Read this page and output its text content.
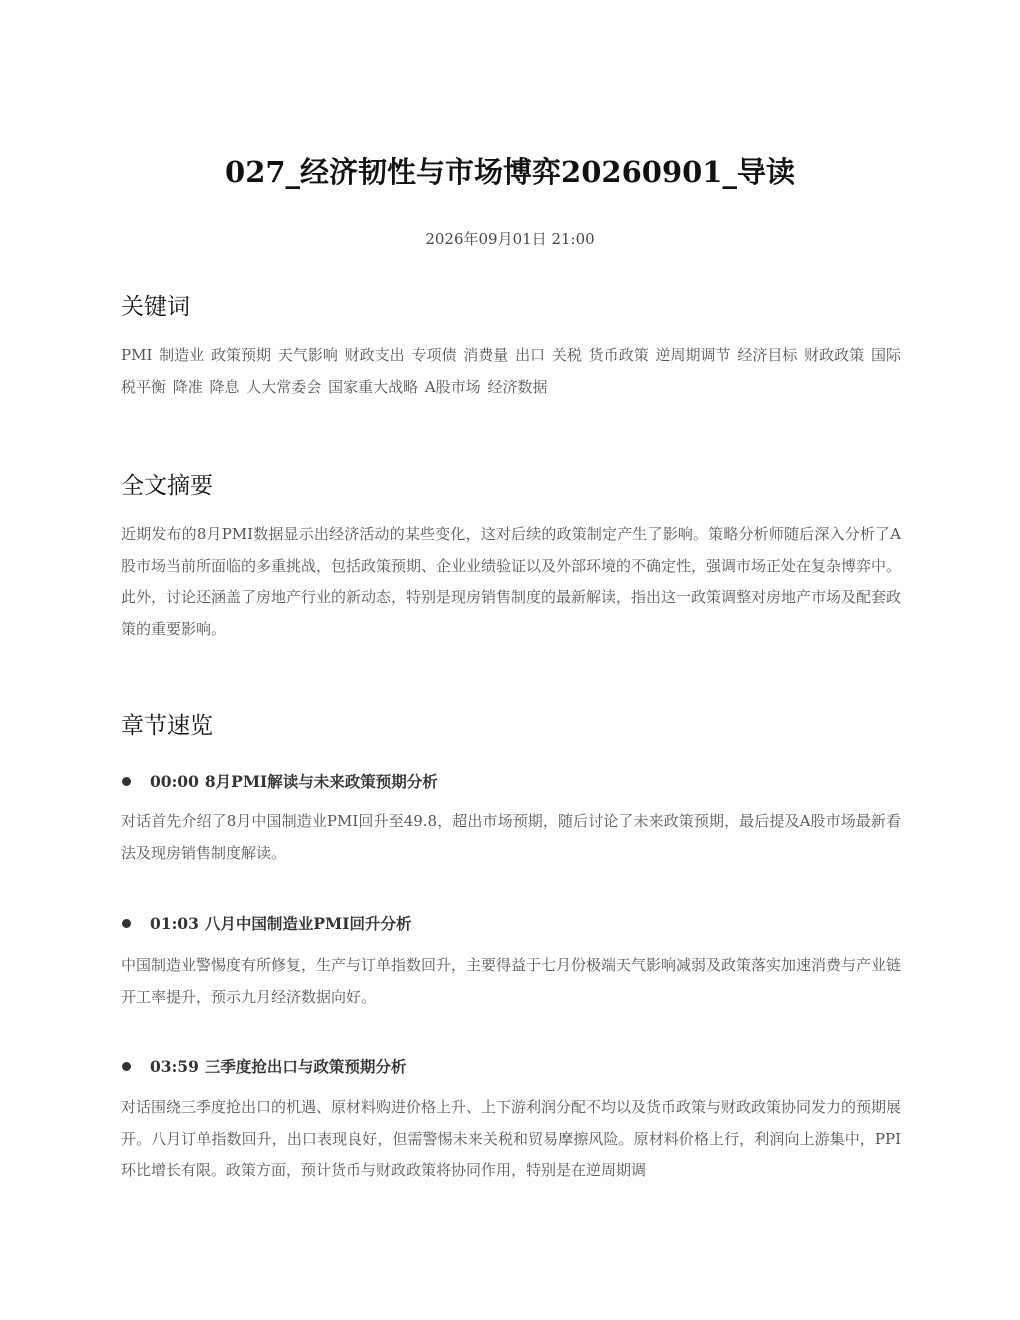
027_经济韧性与市场博弈20260901_导读
2026年09月01日 21:00
关键词
PMI 制造业 政策预期 天气影响 财政支出 专项债 消费量 出口 关税 货币政策 逆周期调节 经济目标 财政政策 国际税平衡 降准 降息 人大常委会 国家重大战略 A股市场 经济数据
全文摘要
近期发布的8月PMI数据显示出经济活动的某些变化，这对后续的政策制定产生了影响。策略分析师随后深入分析了A股市场当前所面临的多重挑战，包括政策预期、企业业绩验证以及外部环境的不确定性，强调市场正处在复杂博弈中。此外，讨论还涵盖了房地产行业的新动态，特别是现房销售制度的最新解读，指出这一政策调整对房地产市场及配套政策的重要影响。
章节速览
00:00 8月PMI解读与未来政策预期分析
对话首先介绍了8月中国制造业PMI回升至49.8，超出市场预期，随后讨论了未来政策预期，最后提及A股市场最新看法及现房销售制度解读。
01:03 八月中国制造业PMI回升分析
中国制造业警惕度有所修复，生产与订单指数回升，主要得益于七月份极端天气影响减弱及政策落实加速消费与产业链开工率提升，预示九月经济数据向好。
03:59 三季度抢出口与政策预期分析
对话围绕三季度抢出口的机遇、原材料购进价格上升、上下游利润分配不均以及货币政策与财政政策协同发力的预期展开。八月订单指数回升，出口表现良好，但需警惕未来关税和贸易摩擦风险。原材料价格上行，利润向上游集中，PPI环比增长有限。政策方面，预计货币与财政政策将协同作用，特别是在逆周期调
